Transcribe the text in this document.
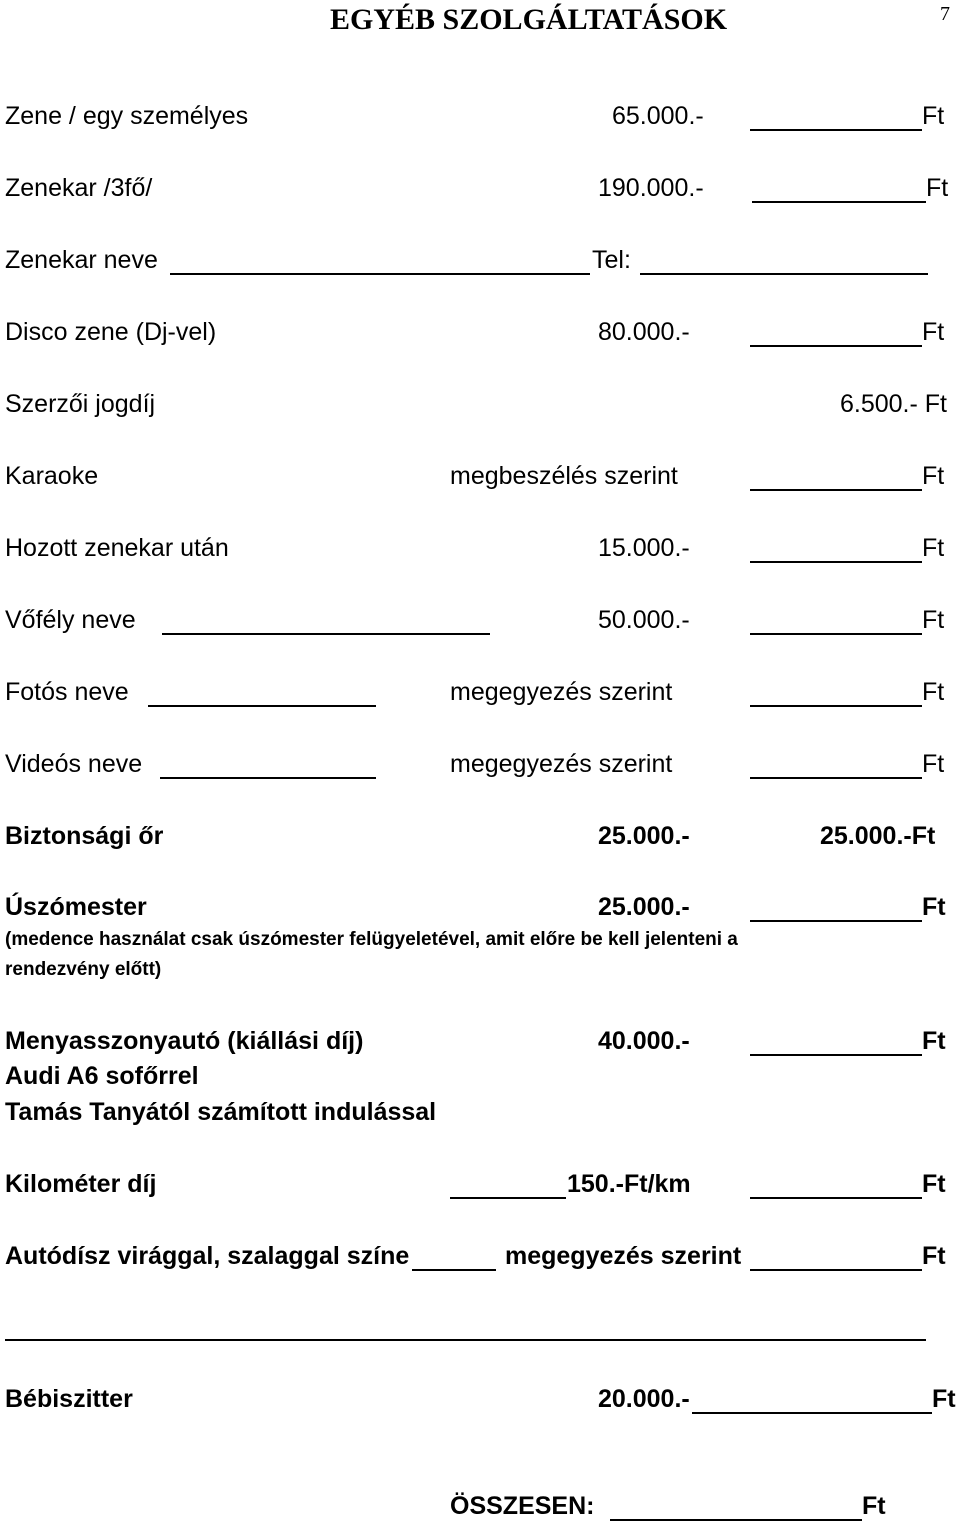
EGYÉB SZOLGÁLTATÁSOK	7
Zene / egy személyes	65.000.-	Ft
Zenekar /3fő/	190.000.-	Ft
Zenekar neve	Tel:
Disco zene (Dj-vel)	80.000.-	Ft
Szerzői jogdíj	6.500.- Ft
Karaoke	megbeszélés szerint	Ft
Hozott zenekar után	15.000.-	Ft
Vőfély neve	50.000.-	Ft
Fotós neve	megegyezés szerint	Ft
Videós neve	megegyezés szerint	Ft
Biztonsági őr	25.000.-	25.000.-Ft
Úszómester	25.000.-	Ft
(medence használat csak úszómester felügyeletével, amit előre be kell jelenteni a
rendezvény előtt)
Menyasszonyautó (kiállási díj)	40.000.-	Ft
Audi A6 sofőrrel
Tamás Tanyától számított indulással
Kilométer díj	150.-Ft/km	Ft
Autódísz virággal, szalaggal színe	megegyezés szerint	Ft
Bébiszitter	20.000.-	Ft
ÖSSZESEN:	Ft
